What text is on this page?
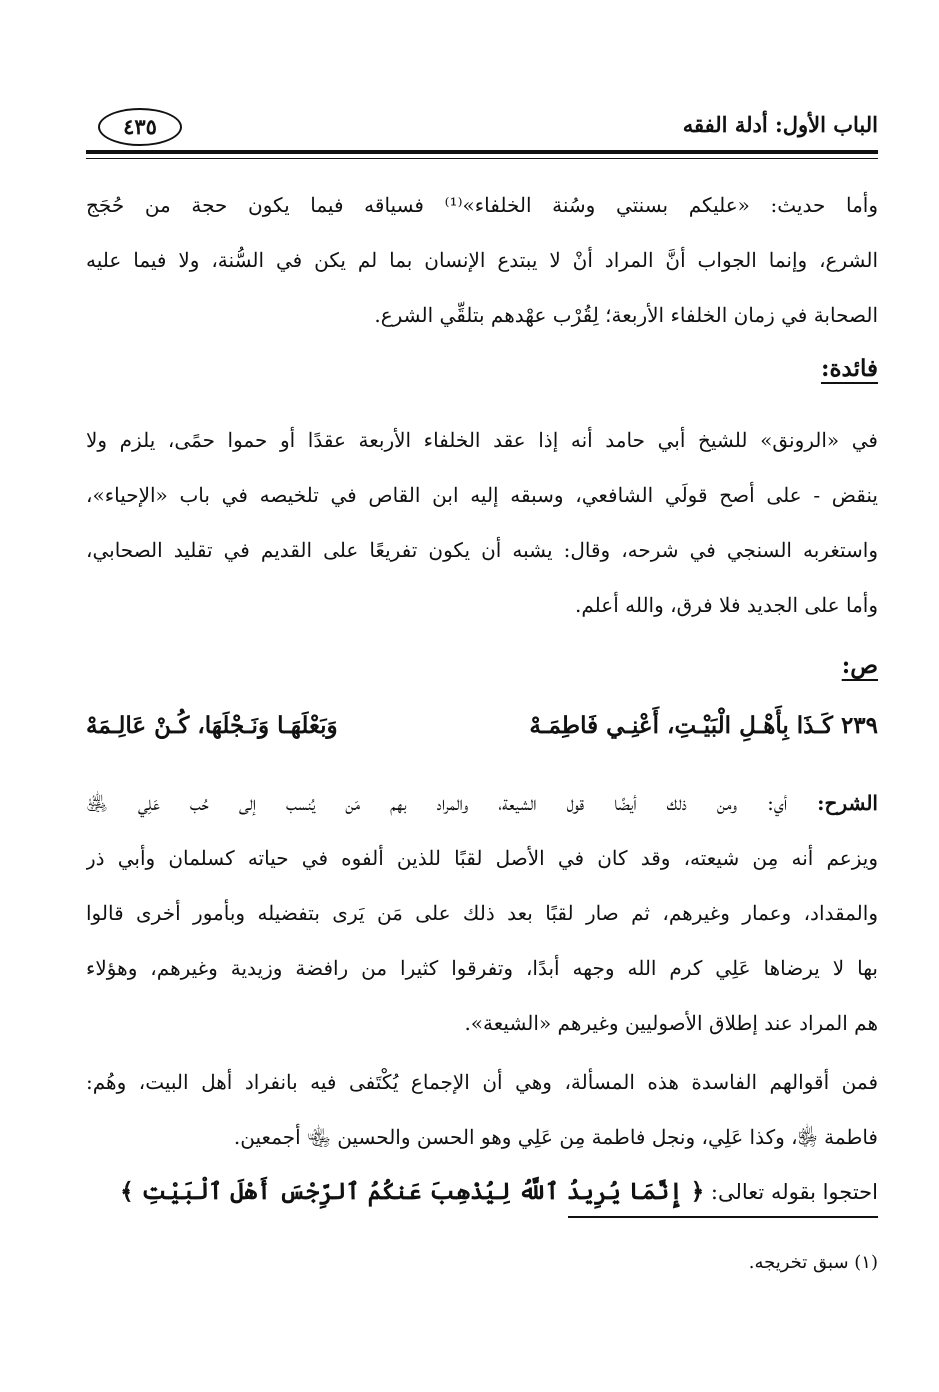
٤٣٥	الباب الأول: أدلة الفقه
وأما حديث: «عليكم بسنتي وسُنة الخلفاء»⁽¹⁾ فسياقه فيما يكون حجة من حُجَج
الشرع، وإنما الجواب أنَّ المراد أنْ لا يبتدع الإنسان بما لم يكن في السُّنة، ولا فيما عليه
الصحابة في زمان الخلفاء الأربعة؛ لِقُرْب عهْدهم بتلقِّي الشرع.
فائدة:
في «الرونق» للشيخ أبي حامد أنه إذا عقد الخلفاء الأربعة عقدًا أو حموا حمًى، يلزم ولا
ينقض - على أصح قولَي الشافعي، وسبقه إليه ابن القاص في تلخيصه في باب «الإحياء»،
واستغربه السنجي في شرحه، وقال: يشبه أن يكون تفريعًا على القديم في تقليد الصحابي،
وأما على الجديد فلا فرق، والله أعلم.
ص:
٢٣٩ كَـذَا بِأَهْـلِ الْبَيْـتِ، أَعْنِـي فَاطِمَـهْ
وَبَعْلَهَـا وَنَـجْلَهَا، كُـنْ عَالِـمَهْ
الشرح: أي: ومن ذلك أيضًا قول الشيعة، والمراد بهم مَن يُنسب إلى حُب عَلِي ﵁
ويزعم أنه مِن شيعته، وقد كان في الأصل لقبًا للذين ألفوه في حياته كسلمان وأبي ذر
والمقداد، وعمار وغيرهم، ثم صار لقبًا بعد ذلك على مَن يَرى بتفضيله وبأمور أخرى قالوا
بها لا يرضاها عَلِي كرم الله وجهه أبدًا، وتفرقوا كثيرا من رافضة وزيدية وغيرهم، وهؤلاء
هم المراد عند إطلاق الأصوليين وغيرهم «الشيعة».
فمن أقوالهم الفاسدة هذه المسألة، وهي أن الإجماع يُكْتَفى فيه بانفراد أهل البيت، وهُم:
فاطمة ﵂، وكذا عَلِي، ونجل فاطمة مِن عَلِي وهو الحسن والحسين ﵄ أجمعين.
احتجوا بقوله تعالى: ﴿ إِنَّمَا يُرِيدُ ٱللَّهُ لِيُذْهِبَ عَنكُمُ ٱلرِّجْسَ أَهْلَ ٱلْبَيْتِ ﴾
(١) سبق تخريجه.
